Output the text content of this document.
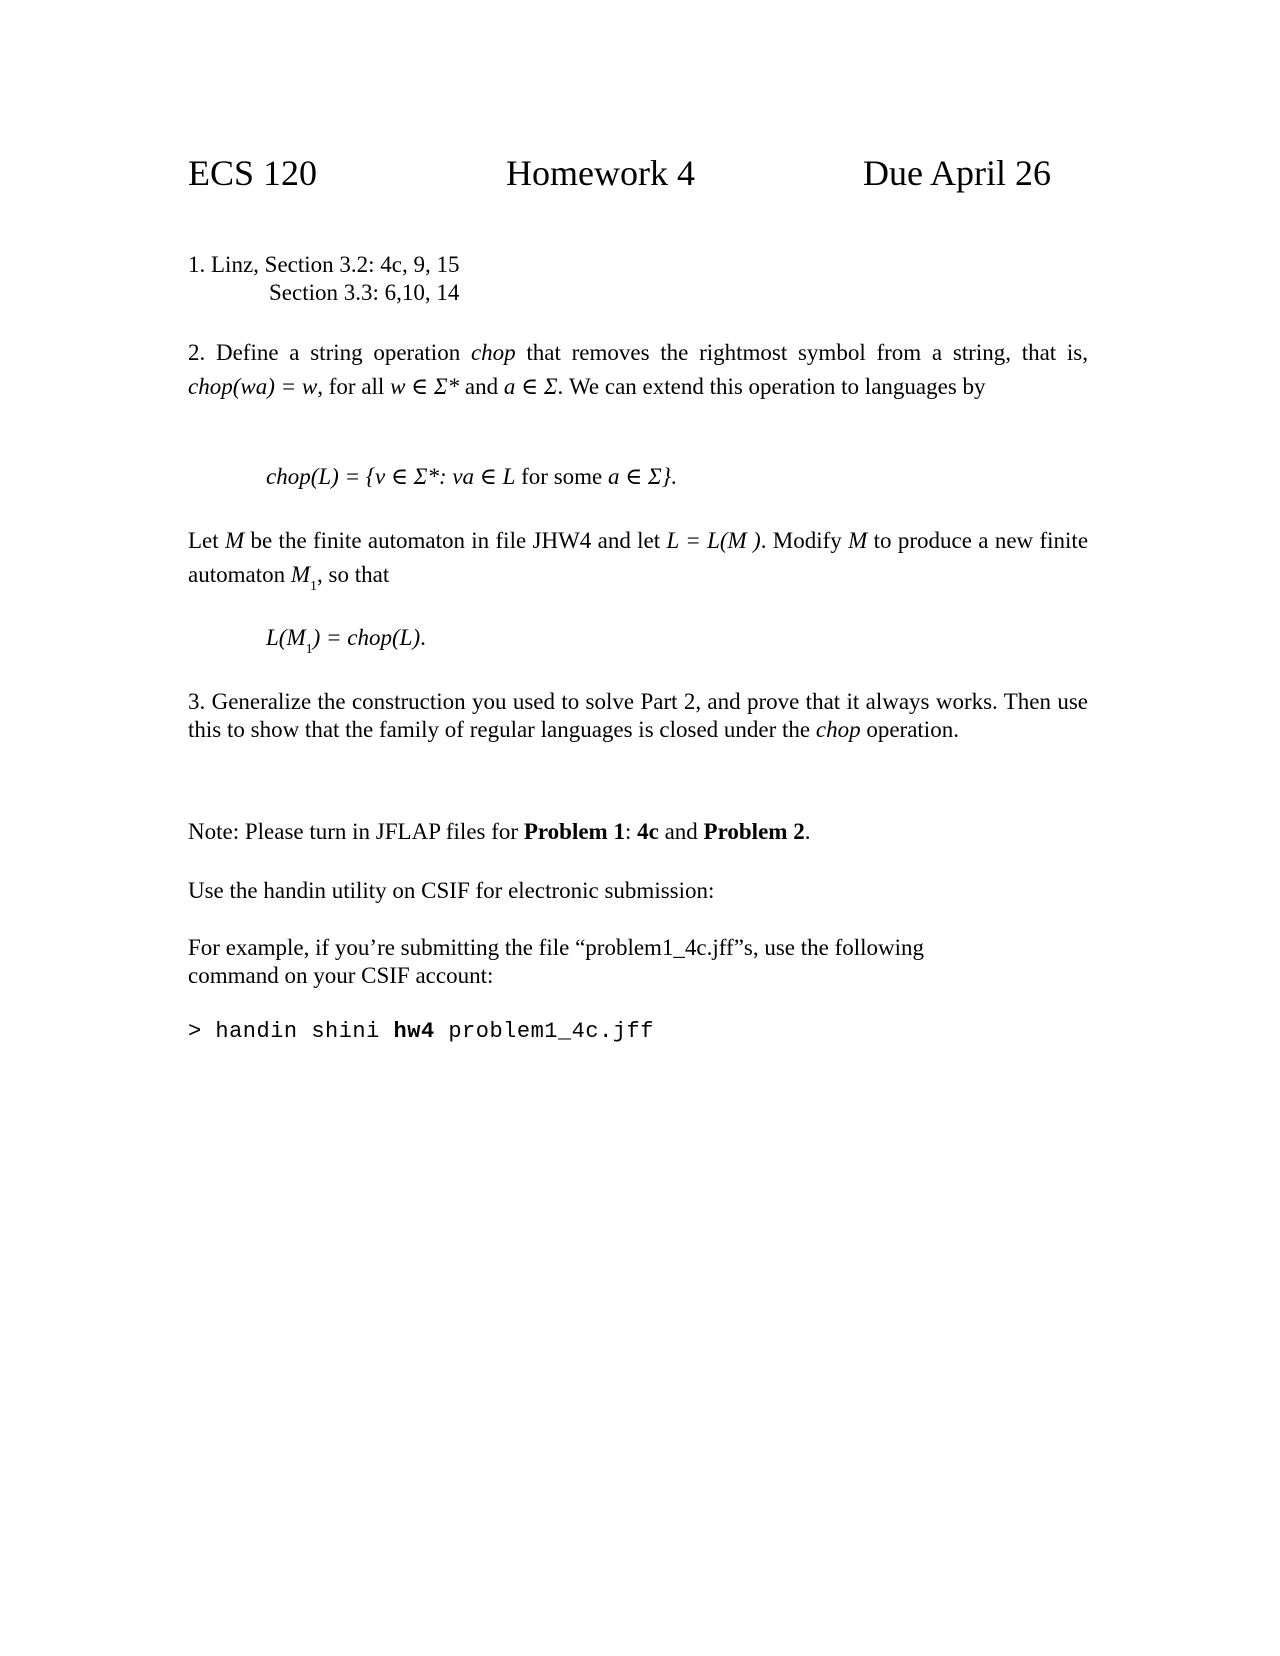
ECS 120	Homework 4	Due April 26
1. Linz, Section 3.2: 4c, 9, 15
Section 3.3: 6,10, 14
2. Define a string operation chop that removes the rightmost symbol from a string, that is, chop(wa) = w, for all w ∈ Σ* and a ∈ Σ. We can extend this operation to languages by
chop(L) = {v ∈ Σ*: va ∈ L for some a ∈ Σ}.
Let M be the finite automaton in file JHW4 and let L = L(M ). Modify M to produce a new finite automaton $M_1$, so that
$L(M_1)$ = chop(L).
3. Generalize the construction you used to solve Part 2, and prove that it always works. Then use this to show that the family of regular languages is closed under the chop operation.
Note: Please turn in JFLAP files for Problem 1: 4c and Problem 2.
Use the handin utility on CSIF for electronic submission:
For example, if you’re submitting the file “problem1_4c.jff”s, use the following command on your CSIF account:
> handin shini hw4 problem1_4c.jff
